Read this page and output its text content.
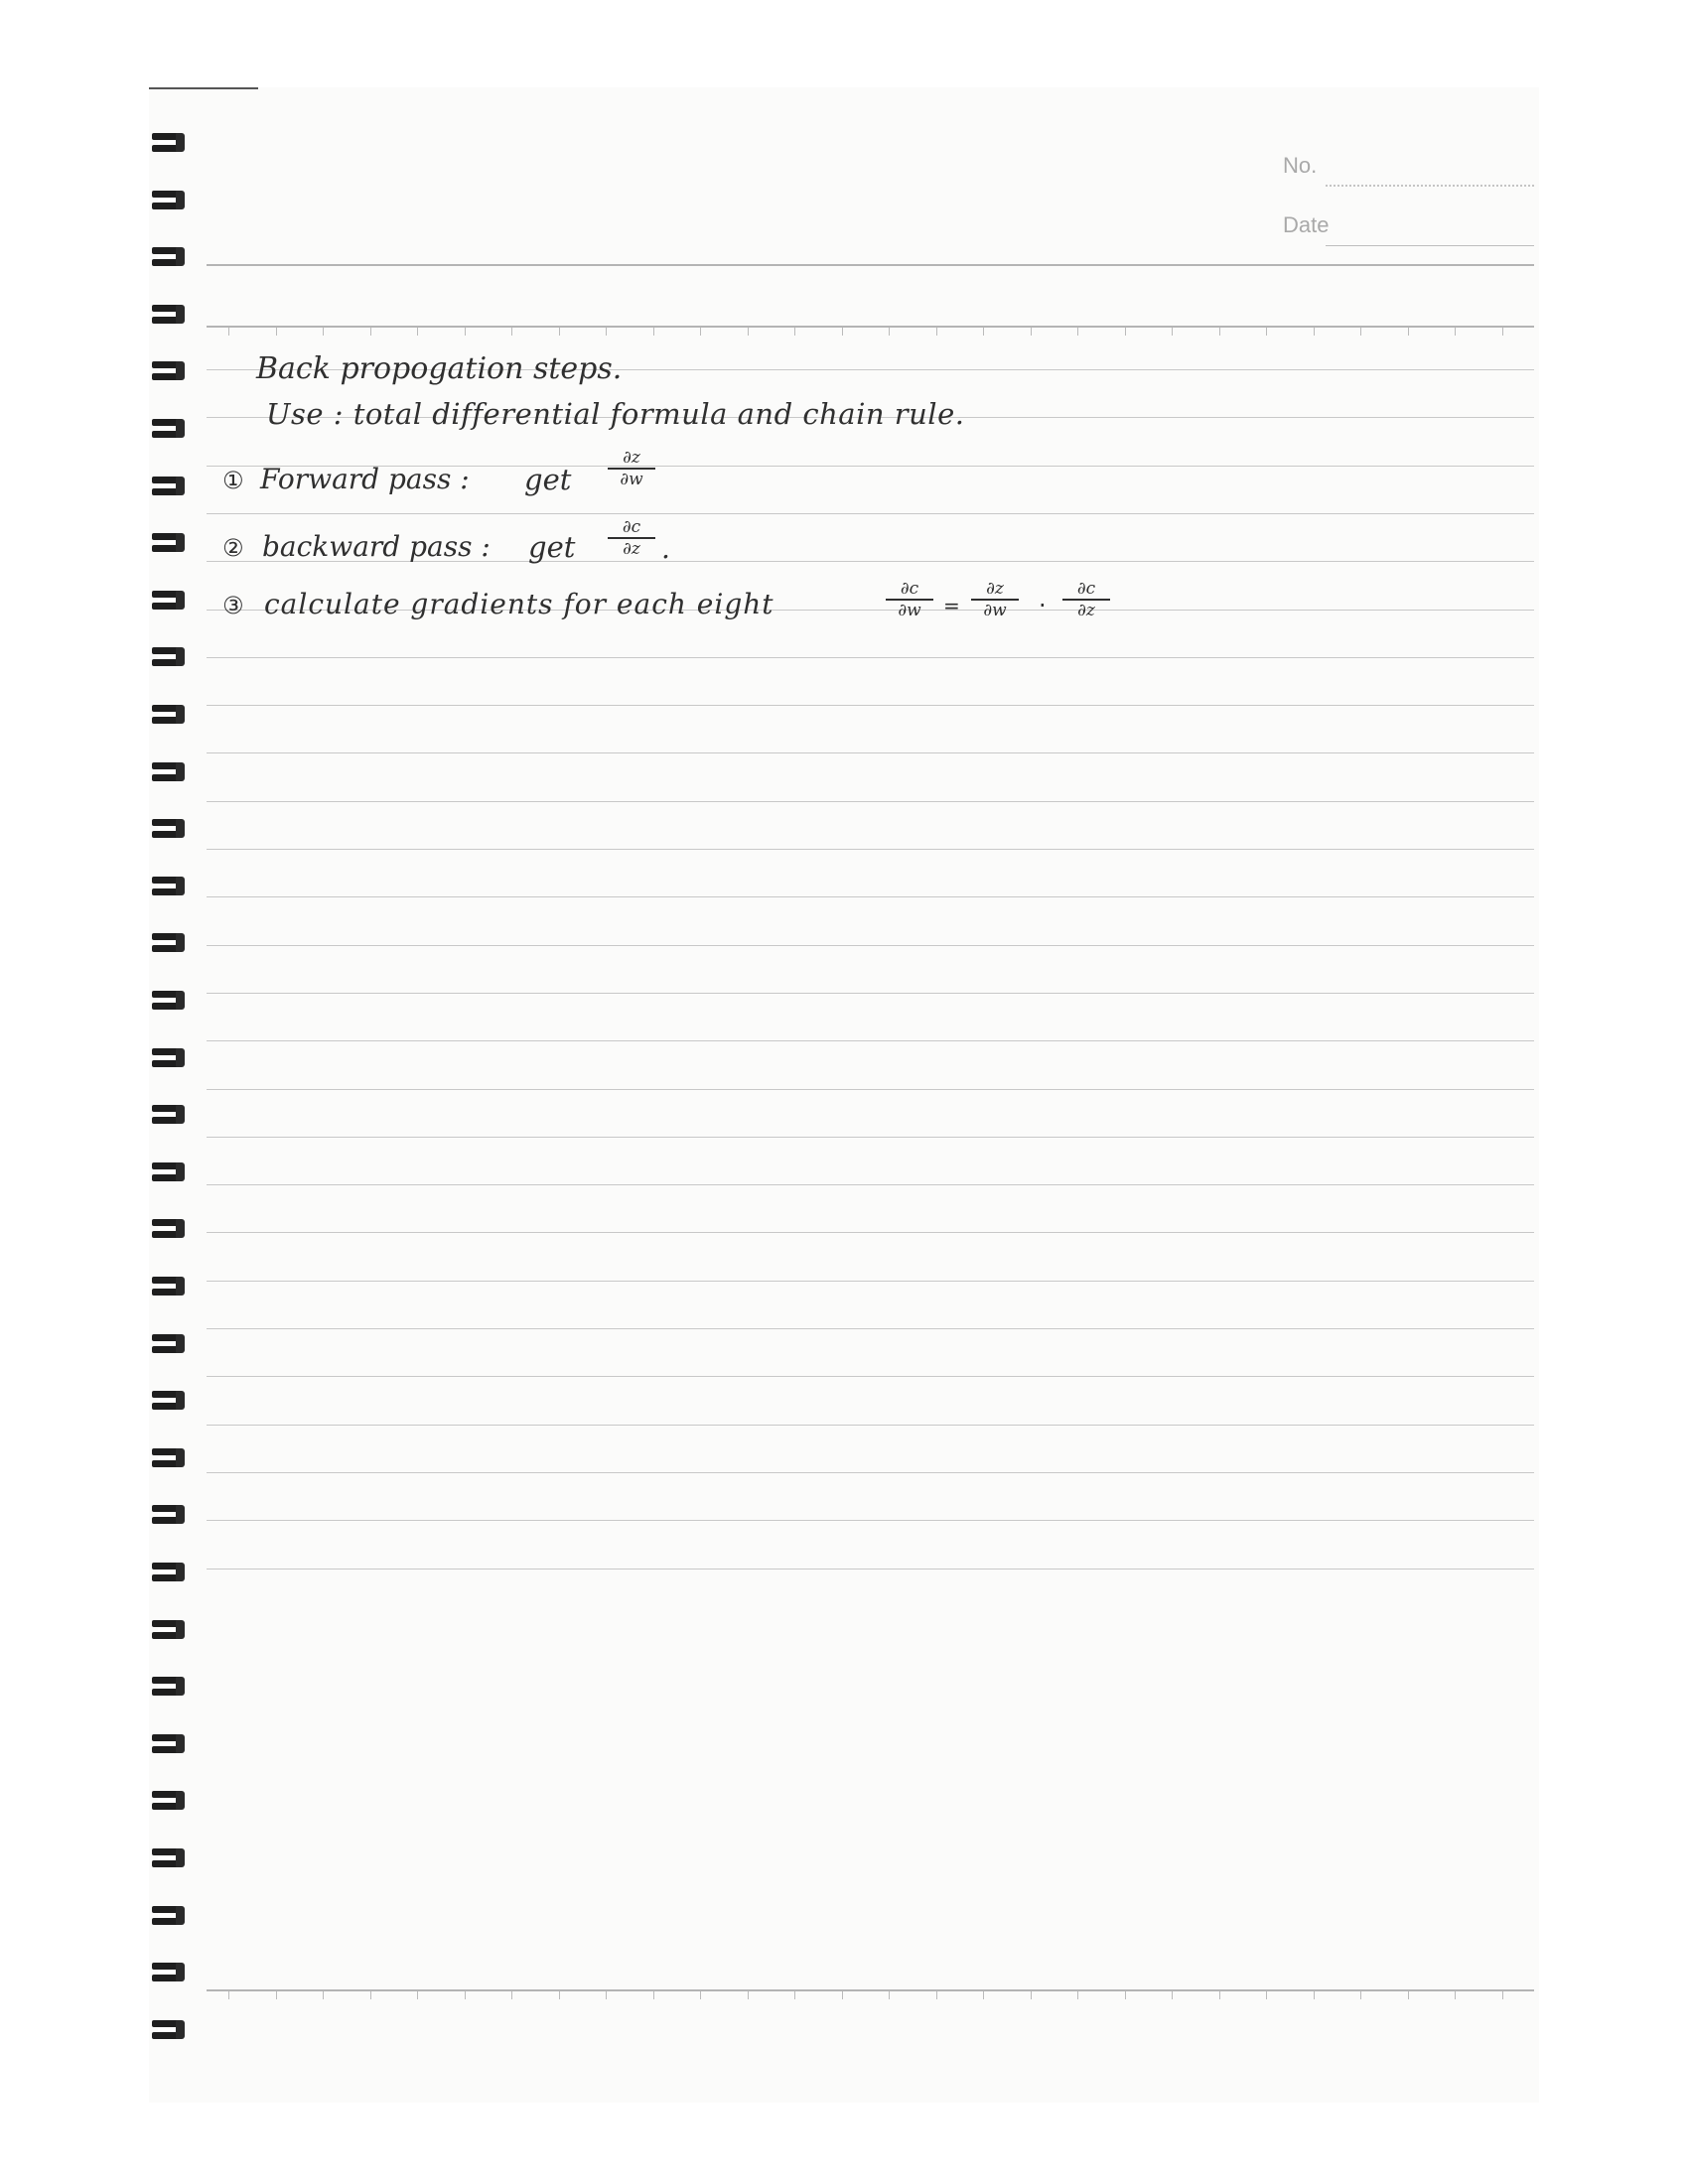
No.
Date
Back propogation steps.
Use : total differential formula and chain rule.
① Forward pass : get
∂z
∂w
② backward pass : get
∂c
∂z .
③ calculate gradients for each eight	∂c
∂w	=
∂z
∂w	·
∂c
∂z
